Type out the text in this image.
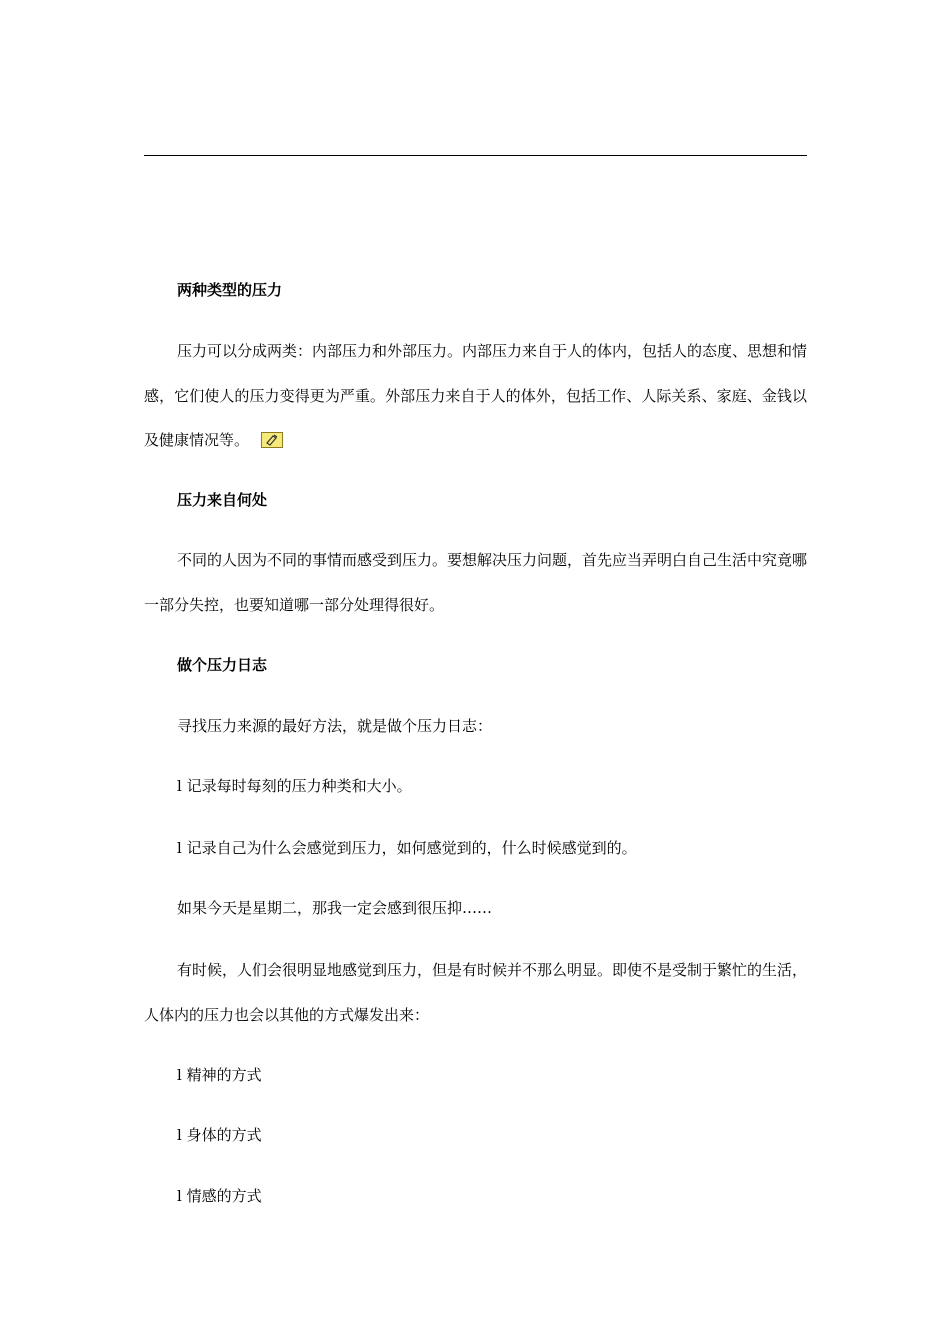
两种类型的压力
压力可以分成两类：内部压力和外部压力。内部压力来自于人的体内，包括人的态度、思想和情感，它们使人的压力变得更为严重。外部压力来自于人的体外，包括工作、人际关系、家庭、金钱以及健康情况等。
压力来自何处
不同的人因为不同的事情而感受到压力。要想解决压力问题，首先应当弄明白自己生活中究竟哪一部分失控，也要知道哪一部分处理得很好。
做个压力日志
寻找压力来源的最好方法，就是做个压力日志：
l 记录每时每刻的压力种类和大小。
l 记录自己为什么会感觉到压力，如何感觉到的，什么时候感觉到的。
如果今天是星期二，那我一定会感到很压抑……
有时候，人们会很明显地感觉到压力，但是有时候并不那么明显。即使不是受制于繁忙的生活，人体内的压力也会以其他的方式爆发出来：
l 精神的方式
l 身体的方式
l 情感的方式
